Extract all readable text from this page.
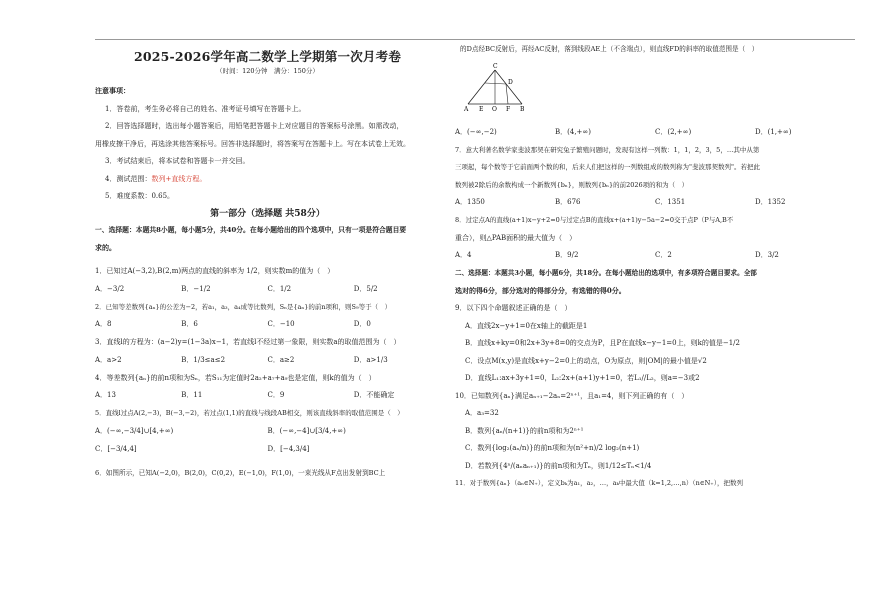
2025-2026学年高二数学上学期第一次月考卷
（时间：120分钟　满分：150分）
注意事项：
1．答卷前，考生务必将自己的姓名、准考证号填写在答题卡上。
2．回答选择题时，选出每小题答案后，用铅笔把答题卡上对应题目的答案标号涂黑。如需改动，
用橡皮擦干净后，再选涂其他答案标号。回答非选择题时，将答案写在答题卡上。写在本试卷上无效。
3．考试结束后，将本试卷和答题卡一并交回。
4．测试范围：数列+直线方程。
5．难度系数：0.65。
第一部分（选择题 共58分）
一、选择题：本题共8小题，每小题5分，共40分。在每小题给出的四个选项中，只有一项是符合题目要
求的。
1．已知过A(−3,2),B(2,m)两点的直线的斜率为 1/2，则实数m的值为（　）
A．−3/2	B．−1/2	C．1/2	D．5/2
2．已知等差数列{aₙ}的公差为−2，若a₁，a₃，a₄成等比数列，Sₙ是{aₙ}的前n项和，则S₉等于（　）
A．8	B．6	C．−10	D．0
3．直线l的方程为：(a−2)y=(1−3a)x−1，若直线l不经过第一象限，则实数a的取值范围为（　）
A．a>2	B．1/3≤a≤2	C．a≥2	D．a>1/3
4．等差数列{aₙ}的前n项和为Sₙ，若S₁₁为定值时2a₂+a₇+a₉也是定值，则k的值为（　）
A．13	B．11	C．9	D．不能确定
5．直线l过点A(2,−3)，B(−3,−2)，若过点(1,1)的直线与线段AB相交，则该直线斜率的取值范围是（　）
A．(−∞,−3/4]∪[4,+∞)	B．(−∞,−4]∪[3/4,+∞)
C．[−3/4,4]	D．[−4,3/4]
6．如图所示，已知A(−2,0)，B(2,0)，C(0,2)，E(−1,0)，F(1,0)，一束光线从F点出发射到BC上
C
D
A E O F B
的D点经BC反射后，再经AC反射，落到线段AE上（不含端点），则直线FD的斜率的取值范围是（　）
A．(−∞,−2)	B．(4,+∞)	C．(2,+∞)	D．(1,+∞)
7．意大利著名数学家斐波那契在研究兔子繁殖问题时，发现有这样一列数：1，1，2，3，5，…其中从第
三项起，每个数等于它前面两个数的和，后来人们把这样的一列数组成的数列称为"斐波那契数列"。若把此
数列被2除后的余数构成一个新数列{bₙ}，则数列{bₙ}的前2026项的和为（　）
A．1350	B．676	C．1351	D．1352
8．过定点A的直线(a+1)x−y+2=0与过定点B的直线x+(a+1)y−5a−2=0交于点P（P与A,B不
重合），则△PAB面积的最大值为（　）
A．4	B．9/2	C．2	D．3/2
二、选择题：本题共3小题，每小题6分，共18分。在每小题给出的选项中，有多项符合题目要求。全部
选对的得6分，部分选对的得部分分，有选错的得0分。
9．以下四个命题叙述正确的是（　）
A．直线2x−y+1=0在x轴上的截距是1
B．直线x+ky=0和2x+3y+8=0的交点为P，且P在直线x−y−1=0上，则k的值是−1/2
C．设点M(x,y)是直线x+y−2=0上的动点，O为原点，则|OM|的最小值是√2
D．直线L₁:ax+3y+1=0，L₂:2x+(a+1)y+1=0，若L₁//L₂，则a=−3或2
10．已知数列{aₙ}满足aₙ₊₁−2aₙ=2ⁿ⁺¹，且a₁=4，则下列正确的有（　）
A．a₃=32
B．数列{aₙ/(n+1)}的前n项和为2ⁿ⁺¹
C．数列{log₂(aₙ/n)}的前n项和为(n²+n)/2 log₂(n+1)
D．若数列{4ⁿ/(aₙaₙ₊₁)}的前n项和为Tₙ，则1/12≤Tₙ<1/4
11．对于数列{aₙ}（aₙ∈N₊），定义bₖ为a₁，a₂，…，aₖ中最大值（k=1,2,…,n）（n∈N₊），把数列
